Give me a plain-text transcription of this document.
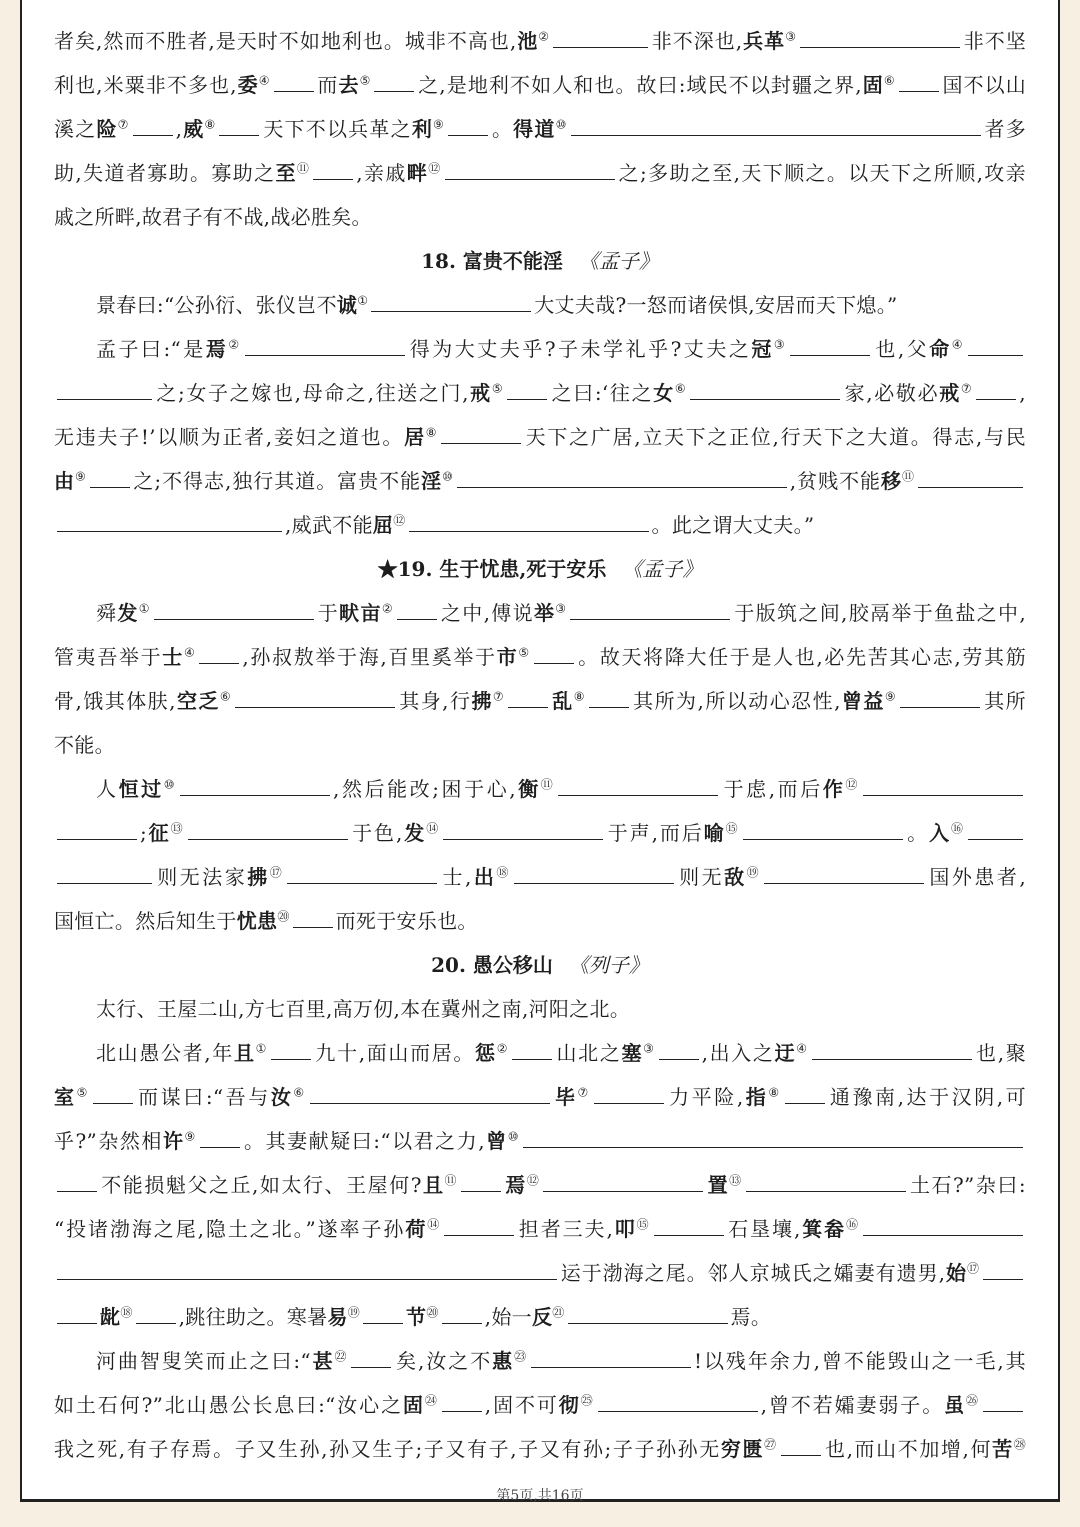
者矣,然而不胜者,是天时不如地利也。城非不高也,池②	非不深也,兵革③	非不坚
利也,米粟非不多也,委④ 而去⑤ 之,是地利不如人和也。故曰:域民不以封疆之界,固⑥ 国不以山
溪之险⑦ ,威⑧ 天下不以兵革之利⑨ 。得道⑩	者多
助,失道者寡助。寡助之至⑪ ,亲戚畔⑫	之;多助之至,天下顺之。以天下之所顺,攻亲
戚之所畔,故君子有不战,战必胜矣。
18. 富贵不能淫 《孟子》
景春曰:“公孙衍、张仪岂不诚①	大丈夫哉?一怒而诸侯惧,安居而天下熄。”
孟子曰:“是焉②	得为大丈夫乎?子未学礼乎?丈夫之冠③	也,父命④
之;女子之嫁也,母命之,往送之门,戒⑤ 之曰:‘往之女⑥	家,必敬必戒⑦ ,
无违夫子!’以顺为正者,妾妇之道也。居⑧	天下之广居,立天下之正位,行天下之大道。得志,与民
由⑨ 之;不得志,独行其道。富贵不能淫⑩	,贫贱不能移⑪
,威武不能屈⑫	。此之谓大丈夫。”
★19. 生于忧患,死于安乐 《孟子》
舜发①	于畎亩② 之中,傅说举③	于版筑之间,胶鬲举于鱼盐之中,
管夷吾举于士④ ,孙叔敖举于海,百里奚举于市⑤ 。故天将降大任于是人也,必先苦其心志,劳其筋
骨,饿其体肤,空乏⑥	其身,行拂⑦ 乱⑧ 其所为,所以动心忍性,曾益⑨	其所
不能。
人恒过⑩	,然后能改;困于心,衡⑪	于虑,而后作⑫
;征⑬	于色,发⑭	于声,而后喻⑮	。入⑯
则无法家拂⑰	士,出⑱	则无敌⑲	国外患者,
国恒亡。然后知生于忧患⑳ 而死于安乐也。
20. 愚公移山 《列子》
太行、王屋二山,方七百里,高万仞,本在冀州之南,河阳之北。
北山愚公者,年且① 九十,面山而居。惩② 山北之塞③ ,出入之迂④	也,聚
室⑤ 而谋曰:“吾与汝⑥	毕⑦	力平险,指⑧ 通豫南,达于汉阴,可
乎?”杂然相许⑨ 。其妻献疑曰:“以君之力,曾⑩
不能损魁父之丘,如太行、王屋何?且⑪ 焉⑫	置⑬	土石?”杂曰:
“投诸渤海之尾,隐土之北。”遂率子孙荷⑭	担者三夫,叩⑮	石垦壤,箕畚⑯
运于渤海之尾。邻人京城氏之孀妻有遗男,始⑰
龀⑱ ,跳往助之。寒暑易⑲ 节⑳ ,始一反$^㉑$	焉。
河曲智叟笑而止之曰:“甚$^㉒$ 矣,汝之不惠$^㉓$	!以残年余力,曾不能毁山之一毛,其
如土石何?”北山愚公长息曰:“汝心之固$^㉔$ ,固不可彻$^㉕$	,曾不若孀妻弱子。虽$^㉖$
我之死,有子存焉。子又生孙,孙又生子;子又有子,子又有孙;子子孙孙无穷匮$^㉗$ 也,而山不加增,何苦$^㉘$
第5页,共16页
